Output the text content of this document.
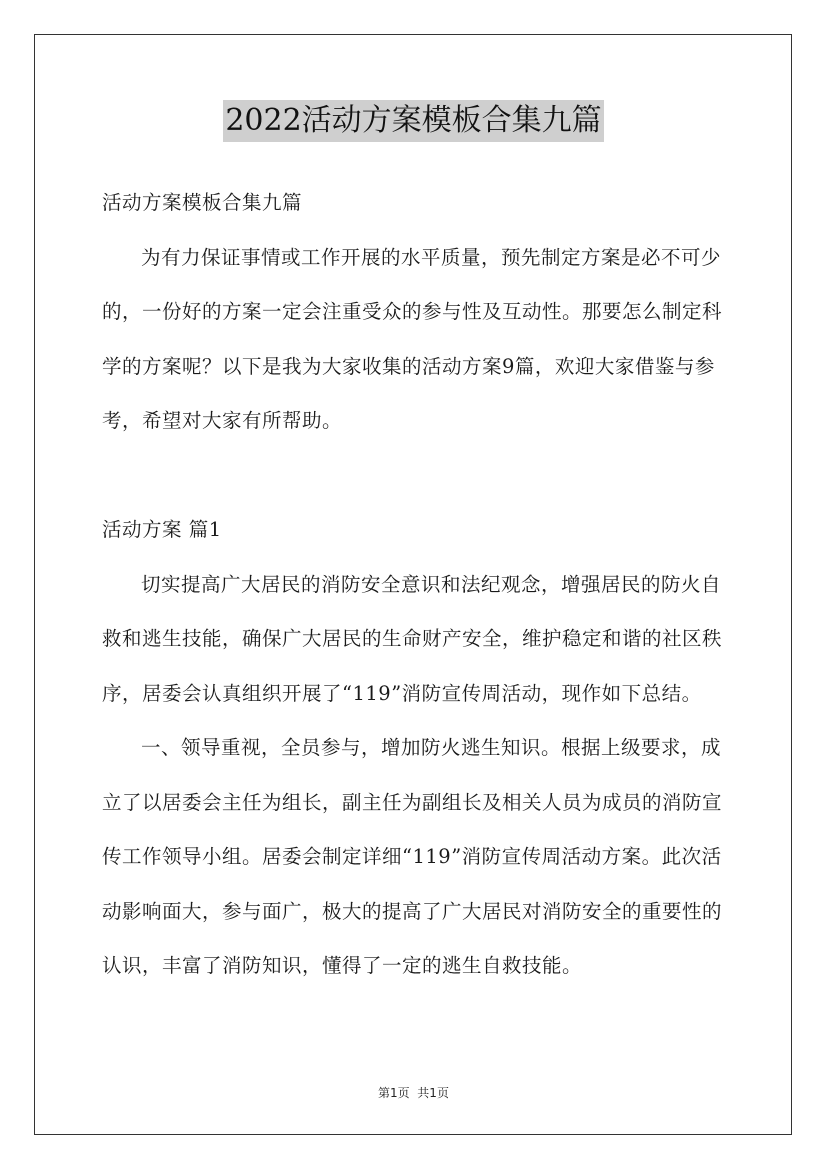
2022活动方案模板合集九篇

活动方案模板合集九篇

为有力保证事情或工作开展的水平质量，预先制定方案是必不可少的，一份好的方案一定会注重受众的参与性及互动性。那要怎么制定科学的方案呢？以下是我为大家收集的活动方案9篇，欢迎大家借鉴与参考，希望对大家有所帮助。

活动方案 篇1

切实提高广大居民的消防安全意识和法纪观念，增强居民的防火自救和逃生技能，确保广大居民的生命财产安全，维护稳定和谐的社区秩序，居委会认真组织开展了“119”消防宣传周活动，现作如下总结。

一、领导重视，全员参与，增加防火逃生知识。根据上级要求，成立了以居委会主任为组长，副主任为副组长及相关人员为成员的消防宣传工作领导小组。居委会制定详细“119”消防宣传周活动方案。此次活动影响面大，参与面广，极大的提高了广大居民对消防安全的重要性的认识，丰富了消防知识，懂得了一定的逃生自救技能。

第1页  共1页
